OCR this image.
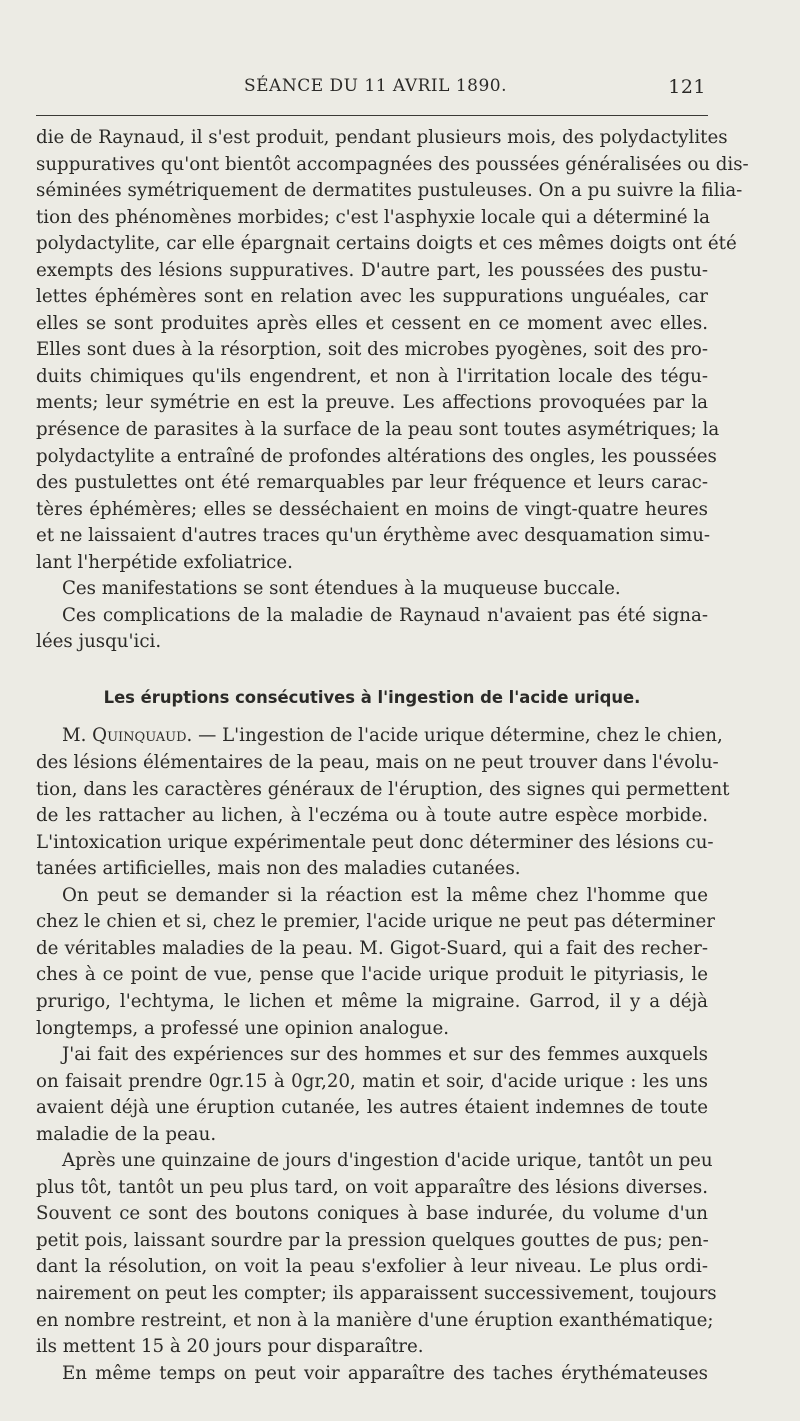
SÉANCE DU 11 AVRIL 1890.	121
die de Raynaud, il s'est produit, pendant plusieurs mois, des polydactylites
suppuratives qu'ont bientôt accompagnées des poussées généralisées ou dis-
séminées symétriquement de dermatites pustuleuses. On a pu suivre la filia-
tion des phénomènes morbides; c'est l'asphyxie locale qui a déterminé la
polydactylite, car elle épargnait certains doigts et ces mêmes doigts ont été
exempts des lésions suppuratives. D'autre part, les poussées des pustu-
lettes éphémères sont en relation avec les suppurations unguéales, car
elles se sont produites après elles et cessent en ce moment avec elles.
Elles sont dues à la résorption, soit des microbes pyogènes, soit des pro-
duits chimiques qu'ils engendrent, et non à l'irritation locale des tégu-
ments; leur symétrie en est la preuve. Les affections provoquées par la
présence de parasites à la surface de la peau sont toutes asymétriques; la
polydactylite a entraîné de profondes altérations des ongles, les poussées
des pustulettes ont été remarquables par leur fréquence et leurs carac-
tères éphémères; elles se desséchaient en moins de vingt-quatre heures
et ne laissaient d'autres traces qu'un érythème avec desquamation simu-
lant l'herpétide exfoliatrice.
Ces manifestations se sont étendues à la muqueuse buccale.
Ces complications de la maladie de Raynaud n'avaient pas été signa-
lées jusqu'ici.
Les éruptions consécutives à l'ingestion de l'acide urique.
M. Quinquaud. — L'ingestion de l'acide urique détermine, chez le chien,
des lésions élémentaires de la peau, mais on ne peut trouver dans l'évolu-
tion, dans les caractères généraux de l'éruption, des signes qui permettent
de les rattacher au lichen, à l'eczéma ou à toute autre espèce morbide.
L'intoxication urique expérimentale peut donc déterminer des lésions cu-
tanées artificielles, mais non des maladies cutanées.
On peut se demander si la réaction est la même chez l'homme que
chez le chien et si, chez le premier, l'acide urique ne peut pas déterminer
de véritables maladies de la peau. M. Gigot-Suard, qui a fait des recher-
ches à ce point de vue, pense que l'acide urique produit le pityriasis, le
prurigo, l'echtyma, le lichen et même la migraine. Garrod, il y a déjà
longtemps, a professé une opinion analogue.
J'ai fait des expériences sur des hommes et sur des femmes auxquels
on faisait prendre 0gr.15 à 0gr,20, matin et soir, d'acide urique : les uns
avaient déjà une éruption cutanée, les autres étaient indemnes de toute
maladie de la peau.
Après une quinzaine de jours d'ingestion d'acide urique, tantôt un peu
plus tôt, tantôt un peu plus tard, on voit apparaître des lésions diverses.
Souvent ce sont des boutons coniques à base indurée, du volume d'un
petit pois, laissant sourdre par la pression quelques gouttes de pus; pen-
dant la résolution, on voit la peau s'exfolier à leur niveau. Le plus ordi-
nairement on peut les compter; ils apparaissent successivement, toujours
en nombre restreint, et non à la manière d'une éruption exanthématique;
ils mettent 15 à 20 jours pour disparaître.
En même temps on peut voir apparaître des taches érythémateuses
